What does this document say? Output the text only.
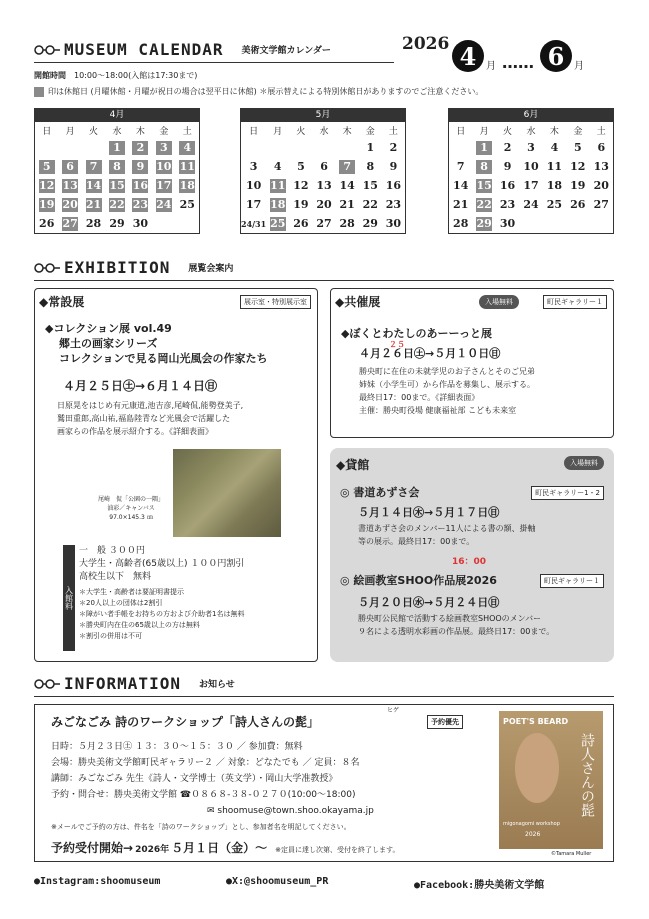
MUSEUM CALENDAR 美術文学館カレンダー	2026 4 月 …… 6 月
開館時間　 10:00～18:00(入館は17:30まで)
印は休館日 (月曜休館・月曜が祝日の場合は翌平日に休館) ＊展示替えによる特別休館日がありますのでご注意ください。
4月
日	月	火	水	木	金	土
			1	2	3	4
5	6	7	8	9	10	11
12	13	14	15	16	17	18
19	20	21	22	23	24	25
26	27	28	29	30		
5月
日	月	火	水	木	金	土
					1	2
3	4	5	6	7	8	9
10	11	12	13	14	15	16
17	18	19	20	21	22	23
24/31	25	26	27	28	29	30
6月
日	月	火	水	木	金	土
	1	2	3	4	5	6
7	8	9	10	11	12	13
14	15	16	17	18	19	20
21	22	23	24	25	26	27
28	29	30				
EXHIBITION 展覧会案内
◆常設展	展示室・特別展示室
◆コレクション展 vol.49
郷土の画家シリーズ
コレクションで見る岡山光風会の作家たち
４月２５日㊏→６月１４日㊐
日原晃をはじめ有元康道,池吉彦,尾崎侃,能勢登美子,
鷲田重郎,高山祐,福島陸青など光風会で活躍した
画家らの作品を展示紹介する。《詳細表面》
尾崎　侃「公園の一隅」
油彩／キャンバス
97.0×145.3 ㎝
入館料
一　般 ３００円
大学生・高齢者(65歳以上) １００円割引
高校生以下　無料
＊大学生・高齢者は要証明書提示
＊20人以上の団体は2割引
＊障がい者手帳をお持ちの方および介助者1名は無料
＊勝央町内在住の65歳以上の方は無料
＊割引の併用は不可
◆共催展	入場無料	町民ギャラリー１
◆ぼくとわたしのあーーっと展
４月２６日㊏→５月１０日㊐
２５
勝央町に在住の未就学児のお子さんとそのご兄弟
姉妹（小学生可）から作品を募集し、展示する。
最終日17：00まで。《詳細表面》
主催：勝央町役場 健康福祉部 こども未来室
◆貸館	入場無料
◎ 書道あずさ会	町民ギャラリー1・2
５月１４日㊍→５月１７日㊐
書道あずさ会のメンバー11人による書の額、掛軸
等の展示。最終日17：00まで。
16：00
◎ 絵画教室SHOO作品展2026	町民ギャラリー１
５月２０日㊌→５月２４日㊐
勝央町公民館で活動する絵画教室SHOOのメンバー
９名による透明水彩画の作品展。最終日17：00まで。
INFORMATION お知らせ
みごなごみ 詩のワークショップ「詩人さんの髭」
ヒゲ
予約優先
日時：５月２３日㊏ １３：３０～１５：３０ ／ 参加費：無料
会場：勝央美術文学館町民ギャラリー２ ／ 対象：どなたでも ／ 定員：８名
講師：みごなごみ 先生《詩人・文学博士（英文学）・岡山大学准教授》
予約・問合せ：勝央美術文学館 ☎０８６８-３８-０２７０(10:00～18:00)
✉ shoomuse@town.shoo.okayama.jp
※メールでご予約の方は、件名を「詩のワークショップ」とし、参加者名を明記してください。
予約受付開始→ 2026年 ５月１日（金）～ ※定員に達し次第、受付を終了します。
POET'S BEARD
詩人さんの髭
migonagomi workshop
2026
©Tamara Muller
●Instagram:shoomuseum	●X:@shoomuseum_PR	●Facebook:勝央美術文学館
